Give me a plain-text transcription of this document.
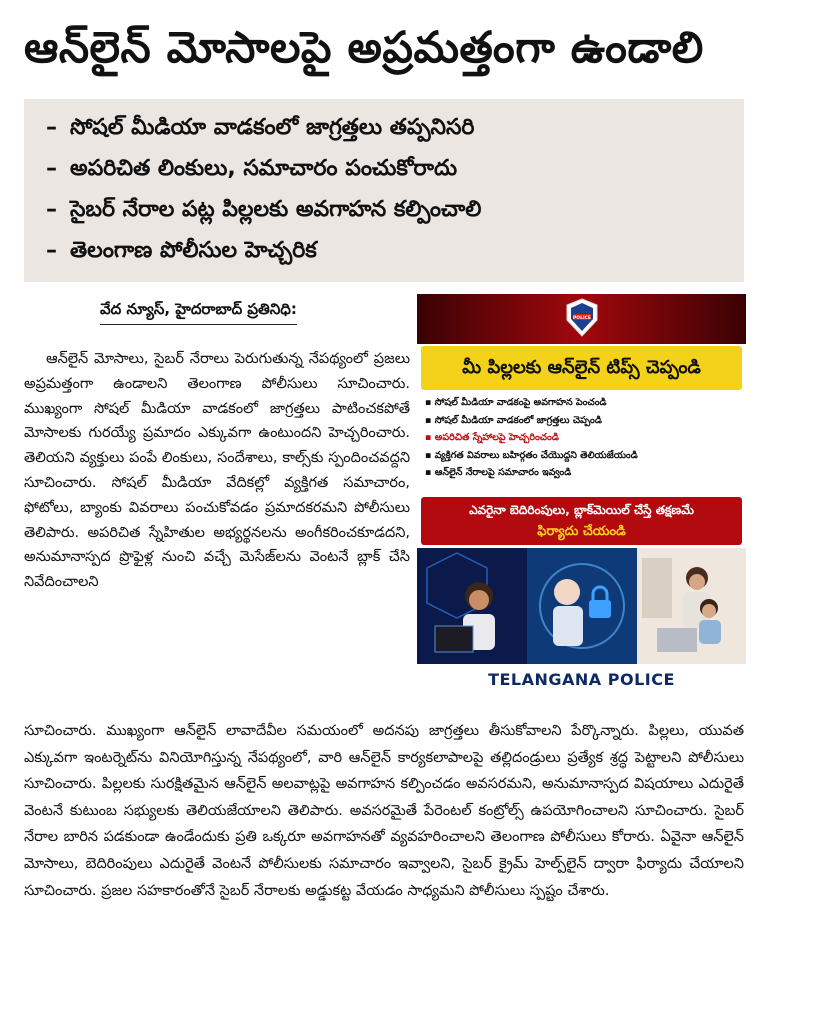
ఆన్‌లైన్ మోసాలపై అప్రమత్తంగా ఉండాలి
– సోషల్ మీడియా వాడకంలో జాగ్రత్తలు తప్పనిసరి
– అపరిచిత లింకులు, సమాచారం పంచుకోరాదు
– సైబర్ నేరాల పట్ల పిల్లలకు అవగాహన కల్పించాలి
– తెలంగాణ పోలీసుల హెచ్చరిక
వేద న్యూస్, హైదరాబాద్ ప్రతినిధి:

ఆన్‌లైన్ మోసాలు, సైబర్ నేరాలు పెరుగుతున్న నేపథ్యంలో ప్రజలు అప్రమత్తంగా ఉండాలని తెలంగాణ పోలీసులు సూచించారు. ముఖ్యంగా సోషల్ మీడియా వాడకంలో జాగ్రత్తలు పాటించకపోతే మోసాలకు గురయ్యే ప్రమాదం ఎక్కువగా ఉంటుందని హెచ్చరించారు. తెలియని వ్యక్తులు పంపే లింకులు, సందేశాలు, కాల్స్‌కు స్పందించవద్దని సూచించారు. సోషల్ మీడియా వేదికల్లో వ్యక్తిగత సమాచారం, ఫోటోలు, బ్యాంకు వివరాలు పంచుకోవడం ప్రమాదకరమని పోలీసులు తెలిపారు. అపరిచిత స్నేహితుల అభ్యర్థనలను అంగీకరించకూడదని, అనుమానాస్పద ప్రొఫైళ్ల నుంచి వచ్చే మెసేజ్‌లను వెంటనే బ్లాక్ చేసి నివేదించాలని

POLICE
మీ పిల్లలకు ఆన్‌లైన్ టిప్స్ చెప్పండి
▪ సోషల్ మీడియా వాడకంపై అవగాహన పెంచండి
▪ సోషల్ మీడియా వాడకంలో జాగ్రత్తలు చెప్పండి
▪ అపరిచిత స్నేహాలపై హెచ్చరించండి
▪ వ్యక్తిగత వివరాలు బహిర్గతం చేయొద్దని తెలియజేయండి
▪ ఆన్‌లైన్ నేరాలపై సమాచారం ఇవ్వండి
ఎవరైనా బెదిరింపులు, బ్లాక్‌మెయిల్ చేస్తే తక్షణమే
ఫిర్యాదు చేయండి
TELANGANA POLICE

సూచించారు. ముఖ్యంగా ఆన్‌లైన్ లావాదేవీల సమయంలో అదనపు జాగ్రత్తలు తీసుకోవాలని పేర్కొన్నారు. పిల్లలు, యువత ఎక్కువగా ఇంటర్నెట్‌ను వినియోగిస్తున్న నేపథ్యంలో, వారి ఆన్‌లైన్ కార్యకలాపాలపై తల్లిదండ్రులు ప్రత్యేక శ్రద్ధ పెట్టాలని పోలీసులు సూచించారు. పిల్లలకు సురక్షితమైన ఆన్‌లైన్ అలవాట్లపై అవగాహన కల్పించడం అవసరమని, అనుమానాస్పద విషయాలు ఎదురైతే వెంటనే కుటుంబ సభ్యులకు తెలియజేయాలని తెలిపారు. అవసరమైతే పేరెంటల్ కంట్రోల్స్ ఉపయోగించాలని సూచించారు. సైబర్ నేరాల బారిన పడకుండా ఉండేందుకు ప్రతి ఒక్కరూ అవగాహనతో వ్యవహరించాలని తెలంగాణ పోలీసులు కోరారు. ఏవైనా ఆన్‌లైన్ మోసాలు, బెదిరింపులు ఎదురైతే వెంటనే పోలీసులకు సమాచారం ఇవ్వాలని, సైబర్ క్రైమ్ హెల్ప్‌లైన్ ద్వారా ఫిర్యాదు చేయాలని సూచించారు. ప్రజల సహకారంతోనే సైబర్ నేరాలకు అడ్డుకట్ట వేయడం సాధ్యమని పోలీసులు స్పష్టం చేశారు.
